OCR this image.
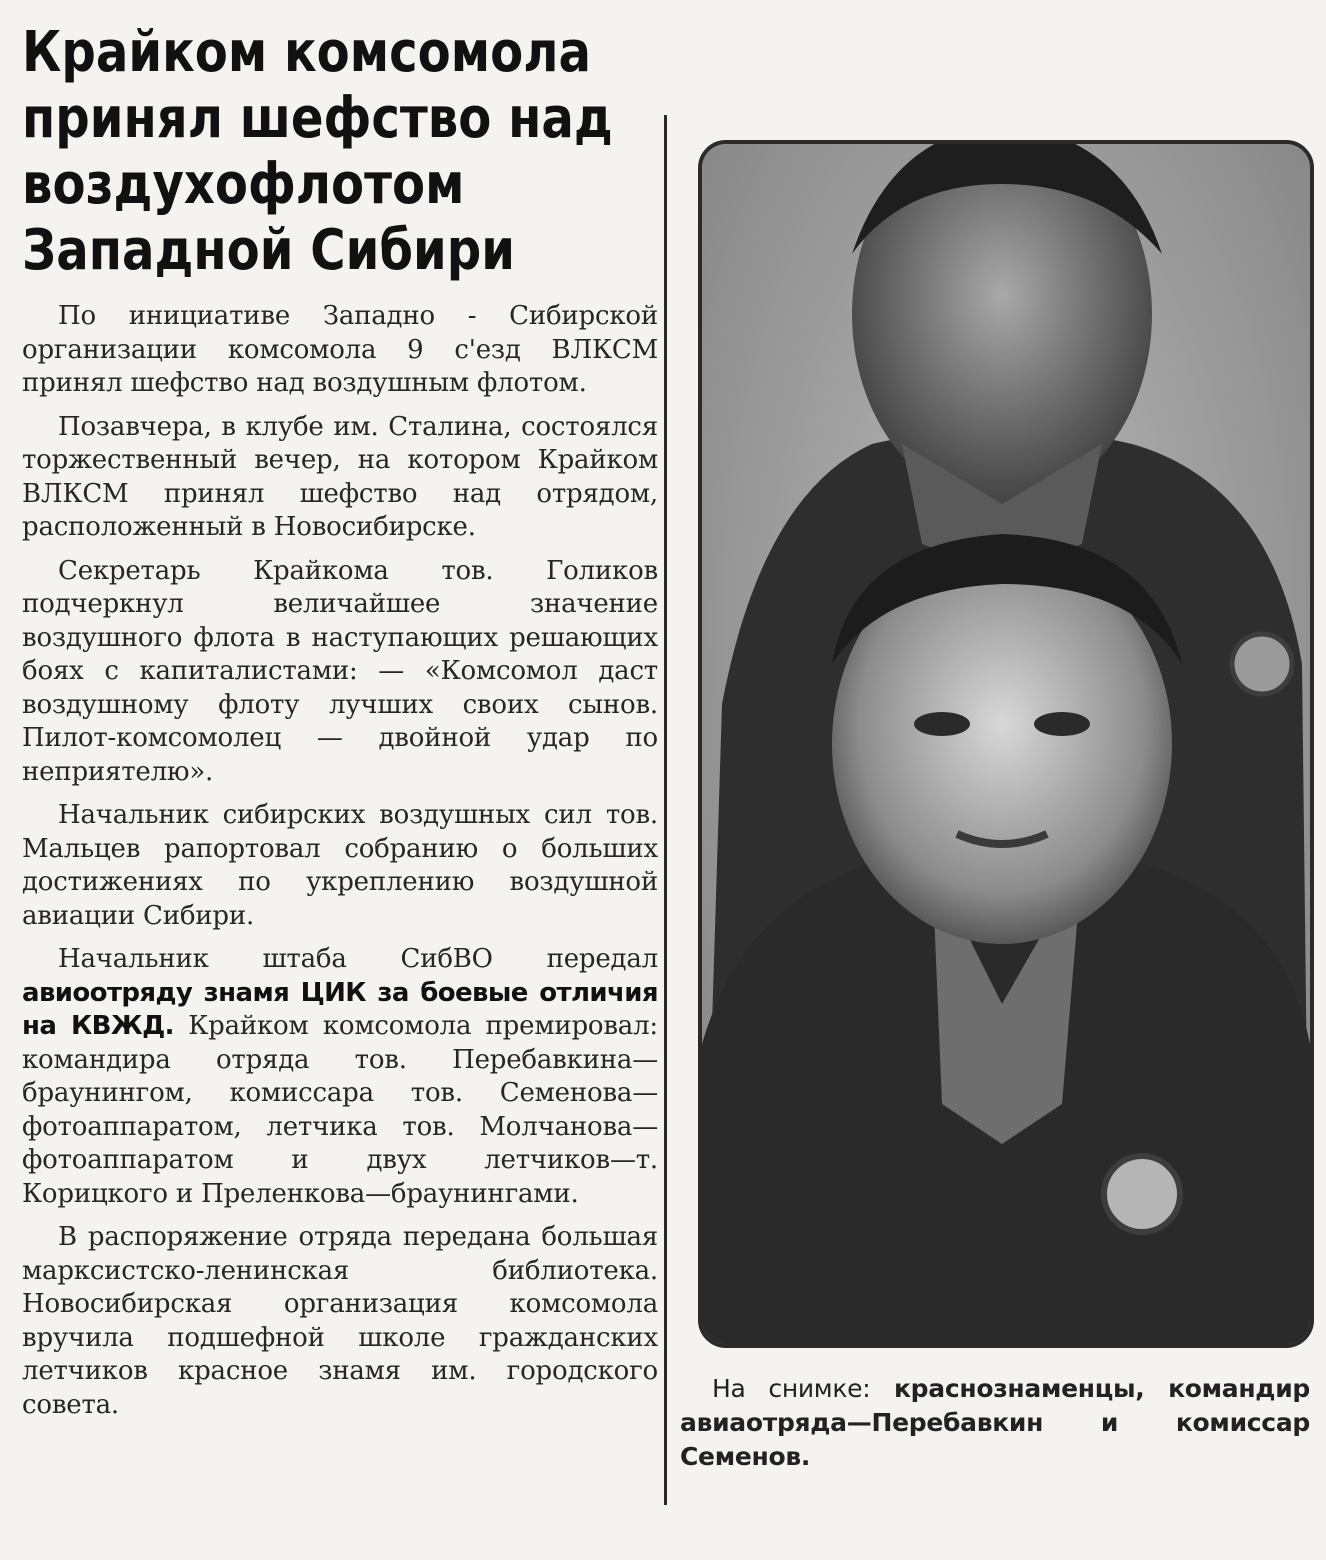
Крайком комсомола
принял шефство над
воздухофлотом
Западной Сибири

По инициативе Западно - Сибирской организации комсомола 9 с'езд ВЛКСМ принял шефство над воздушным флотом.

Позавчера, в клубе им. Сталина, состоялся торжественный вечер, на котором Крайком ВЛКСМ принял шефство над отрядом, расположенный в Новосибирске.

Секретарь Крайкома тов. Голиков подчеркнул величайшее значение воздушного флота в наступающих решающих боях с капиталистами: — «Комсомол даст воздушному флоту лучших своих сынов. Пилот-комсомолец — двойной удар по неприятелю».

Начальник сибирских воздушных сил тов. Мальцев рапортовал собранию о больших достижениях по укреплению воздушной авиации Сибири.

Начальник штаба СибВО передал авиоотряду знамя ЦИК за боевые отличия на КВЖД. Крайком комсомола премировал: командира отряда тов. Перебавкина—браунингом, комиссара тов. Семенова—фотоаппаратом, летчика тов. Молчанова—фотоаппаратом и двух летчиков—т. Корицкого и Преленкова—браунингами.

В распоряжение отряда передана большая марксистско-ленинская библиотека. Новосибирская организация комсомола вручила подшефной школе гражданских летчиков красное знамя им. городского совета.

На снимке: краснознаменцы, командир авиаотряда—Перебавкин и комиссар Семенов.
